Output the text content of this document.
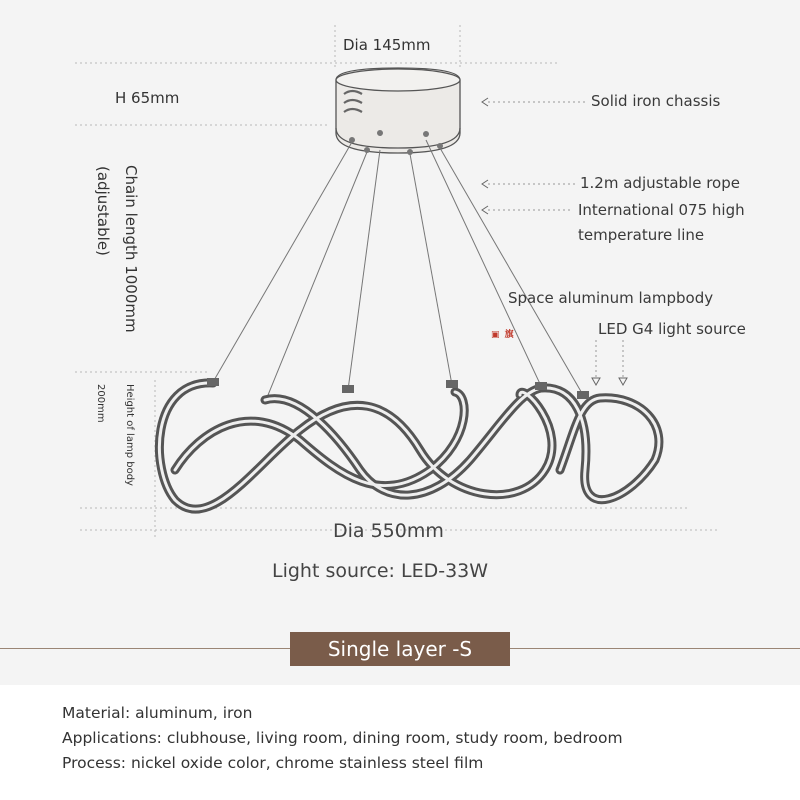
Dia 145mm
H 65mm
Chain length 1000mm
(adjustable)
Height of lamp body
200mm
Solid iron chassis
1.2m adjustable rope
International 075 high
temperature line
Space aluminum lampbody
LED G4 light source
▣ 旗
Dia 550mm
Light source: LED-33W
Single layer -S
Material: aluminum, iron
Applications: clubhouse, living room, dining room, study room, bedroom
Process: nickel oxide color, chrome stainless steel film
